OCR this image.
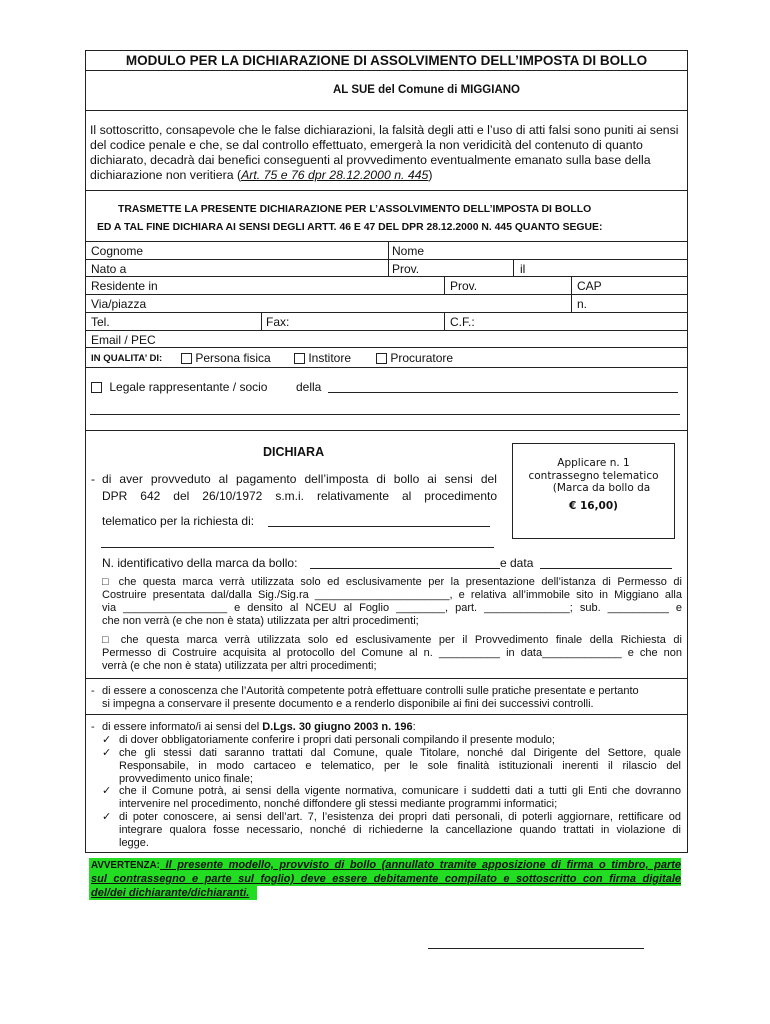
MODULO PER LA DICHIARAZIONE DI ASSOLVIMENTO DELL’IMPOSTA DI BOLLO
AL SUE del Comune di MIGGIANO
Il sottoscritto, consapevole che le false dichiarazioni, la falsità degli atti e l’uso di atti falsi sono puniti ai sensi del codice penale e che, se dal controllo effettuato, emergerà la non veridicità del contenuto di quanto dichiarato, decadrà dai benefici conseguenti al provvedimento eventualmente emanato sulla base della dichiarazione non veritiera (Art. 75 e 76 dpr 28.12.2000 n. 445)
TRASMETTE LA PRESENTE DICHIARAZIONE PER L’ASSOLVIMENTO DELL’IMPOSTA DI BOLLO
ED A TAL FINE DICHIARA AI SENSI DEGLI ARTT. 46 E 47 DEL DPR 28.12.2000 N. 445 QUANTO SEGUE:
Cognome	Nome
Nato a	Prov.	il
Residente in	Prov.	CAP
Via/piazza	n.
Tel.	Fax:	C.F.:
Email / PEC
IN QUALITA’ DI:	Persona fisica	Institore	Procuratore
Legale rappresentante / socio della
DICHIARA
- di aver provveduto al pagamento dell’imposta di bollo ai sensi del
DPR 642 del 26/10/1972 s.m.i. relativamente al procedimento
telematico per la richiesta di:
Applicare n. 1
contrassegno telematico
(Marca da bollo da
€ 16,00)
N. identificativo della marca da bollo:	e data
□ che questa marca verrà utilizzata solo ed esclusivamente per la presentazione dell’istanza di Permesso di
Costruire presentata dal/dalla Sig./Sig.ra ______________________, e relativa all’immobile sito in Miggiano alla
via _________________ e densito al NCEU al Foglio ________, part. ______________; sub. __________ e
che non verrà (e che non è stata) utilizzata per altri procedimenti;
□ che questa marca verrà utilizzata solo ed esclusivamente per il Provvedimento finale della Richiesta di
Permesso di Costruire acquisita al protocollo del Comune al n. __________ in data_____________ e che non
verrà (e che non è stata) utilizzata per altri procedimenti;
- di essere a conoscenza che l’Autorità competente potrà effettuare controlli sulle pratiche presentate e pertanto
si impegna a conservare il presente documento e a renderlo disponibile ai fini dei successivi controlli.
- di essere informato/i ai sensi del D.Lgs. 30 giugno 2003 n. 196:
✓ di dover obbligatoriamente conferire i propri dati personali compilando il presente modulo;
✓ che gli stessi dati saranno trattati dal Comune, quale Titolare, nonché dal Dirigente del Settore, quale
Responsabile, in modo cartaceo e telematico, per le sole finalità istituzionali inerenti il rilascio del
provvedimento unico finale;
✓ che il Comune potrà, ai sensi della vigente normativa, comunicare i suddetti dati a tutti gli Enti che dovranno
intervenire nel procedimento, nonché diffondere gli stessi mediante programmi informatici;
✓ di poter conoscere, ai sensi dell’art. 7, l’esistenza dei propri dati personali, di poterli aggiornare, rettificare od
integrare qualora fosse necessario, nonché di richiederne la cancellazione quando trattati in violazione di
legge.
AVVERTENZA: Il presente modello, provvisto di bollo (annullato tramite apposizione di firma o timbro, parte
sul contrassegno e parte sul foglio) deve essere debitamente compilato e sottoscritto con firma digitale
del/dei dichiarante/dichiaranti.
